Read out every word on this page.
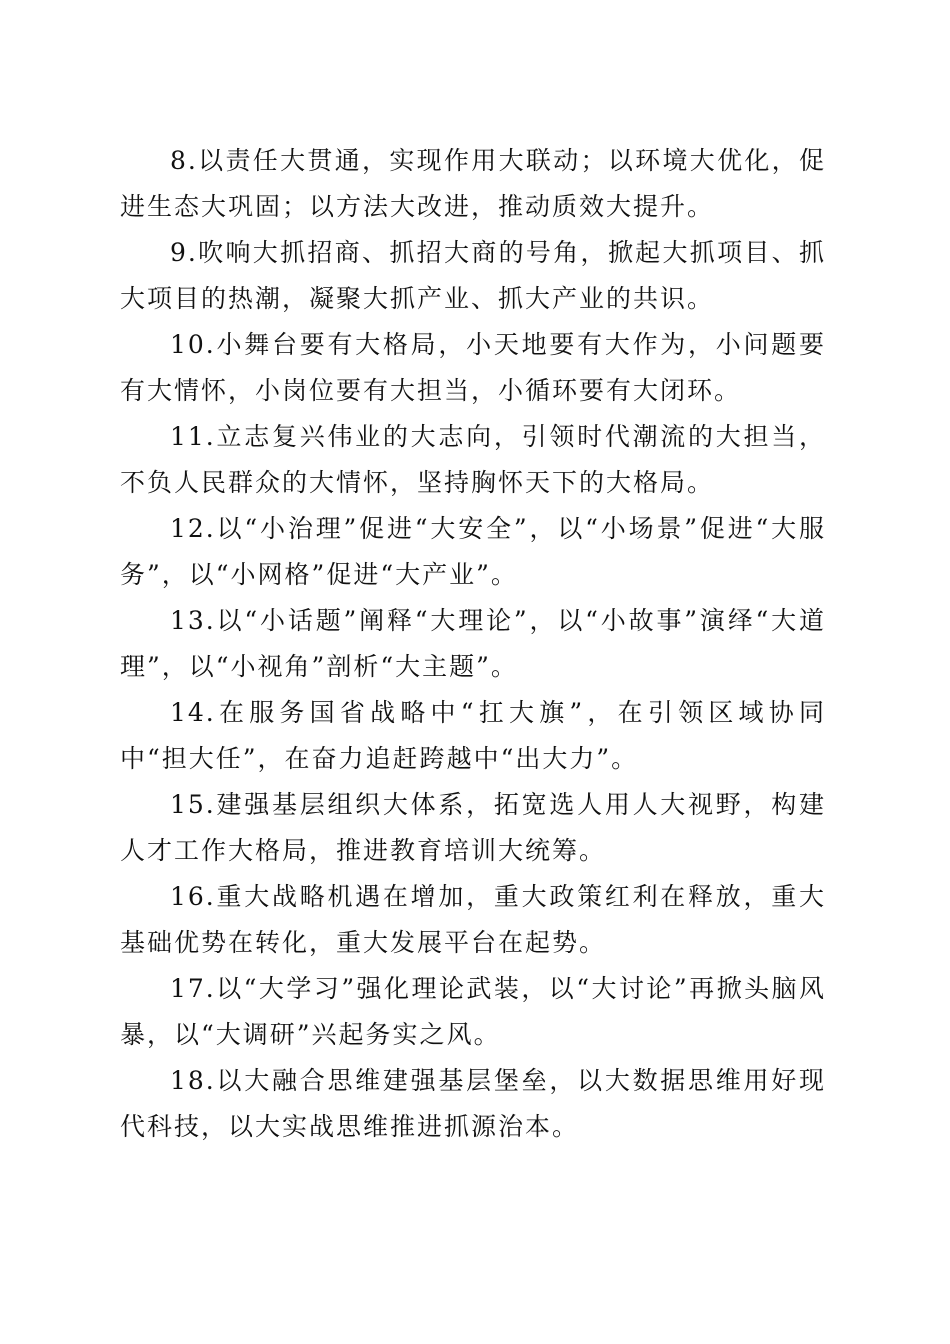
8.以责任大贯通，实现作用大联动；以环境大优化，促进生态大巩固；以方法大改进，推动质效大提升。

9.吹响大抓招商、抓招大商的号角，掀起大抓项目、抓大项目的热潮，凝聚大抓产业、抓大产业的共识。

10.小舞台要有大格局，小天地要有大作为，小问题要有大情怀，小岗位要有大担当，小循环要有大闭环。

11.立志复兴伟业的大志向，引领时代潮流的大担当，不负人民群众的大情怀，坚持胸怀天下的大格局。

12.以“小治理”促进“大安全”，以“小场景”促进“大服务”，以“小网格”促进“大产业”。

13.以“小话题”阐释“大理论”，以“小故事”演绎“大道理”，以“小视角”剖析“大主题”。

14.在服务国省战略中“扛大旗”，在引领区域协同中“担大任”，在奋力追赶跨越中“出大力”。

15.建强基层组织大体系，拓宽选人用人大视野，构建人才工作大格局，推进教育培训大统筹。

16.重大战略机遇在增加，重大政策红利在释放，重大基础优势在转化，重大发展平台在起势。

17.以“大学习”强化理论武装，以“大讨论”再掀头脑风暴，以“大调研”兴起务实之风。

18.以大融合思维建强基层堡垒，以大数据思维用好现代科技，以大实战思维推进抓源治本。
